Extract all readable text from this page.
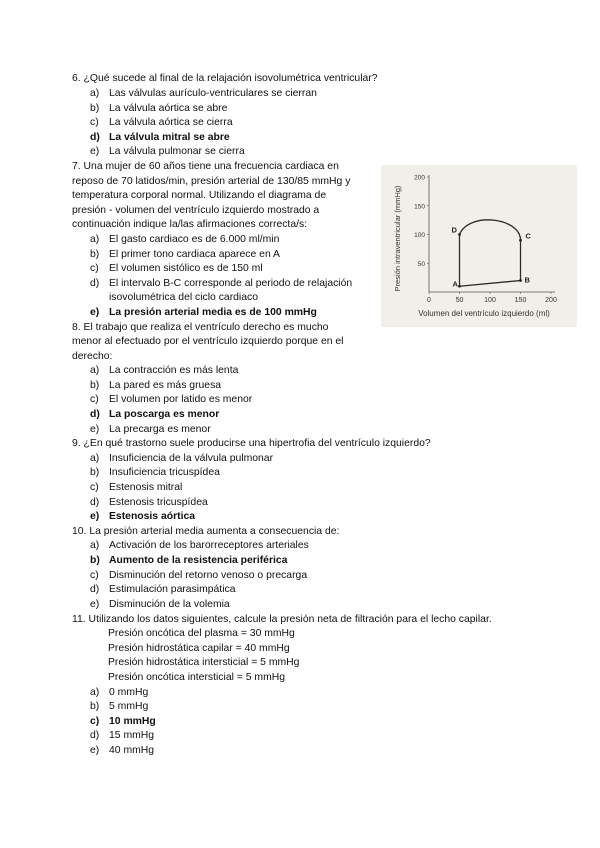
6. ¿Qué sucede al final de la relajación isovolumétrica ventricular?
a) Las válvulas aurículo-ventriculares se cierran
b) La válvula aórtica se abre
c) La válvula aórtica se cierra
d) La válvula mitral se abre
e) La válvula pulmonar se cierra
7. Una mujer de 60 años tiene una frecuencia cardiaca en
reposo de 70 latidos/min, presión arterial de 130/85 mmHg y
temperatura corporal normal. Utilizando el diagrama de
presión - volumen del ventrículo izquierdo mostrado a
continuación indique la/las afirmaciones correcta/s:
a) El gasto cardiaco es de 6.000 ml/min
b) El primer tono cardiaca aparece en A
c) El volumen sistólico es de 150 ml
d) El intervalo B-C corresponde al periodo de relajación
isovolumétrica del ciclo cardiaco
e) La presión arterial media es de 100 mmHg
0	50	100	150	200
50
100
150
200
A	B
C
D
Presión intraventricular (mmHg)
Volumen del ventrículo izquierdo (ml)
8. El trabajo que realiza el ventrículo derecho es mucho
menor al efectuado por el ventrículo izquierdo porque en el
derecho:
a) La contracción es más lenta
b) La pared es más gruesa
c) El volumen por latido es menor
d) La poscarga es menor
e) La precarga es menor
9. ¿En qué trastorno suele producirse una hipertrofia del ventrículo izquierdo?
a) Insuficiencia de la válvula pulmonar
b) Insuficiencia tricuspídea
c) Estenosis mitral
d) Estenosis tricuspídea
e) Estenosis aórtica
10. La presión arterial media aumenta a consecuencia de:
a) Activación de los barorreceptores arteriales
b) Aumento de la resistencia periférica
c) Disminución del retorno venoso o precarga
d) Estimulación parasimpática
e) Disminución de la volemia
11. Utilizando los datos siguientes, calcule la presión neta de filtración para el lecho capilar.
Presión oncótica del plasma = 30 mmHg
Presión hidrostática capilar = 40 mmHg
Presión hidrostática intersticial = 5 mmHg
Presión oncótica intersticial = 5 mmHg
a) 0 mmHg
b) 5 mmHg
c) 10 mmHg
d) 15 mmHg
e) 40 mmHg
